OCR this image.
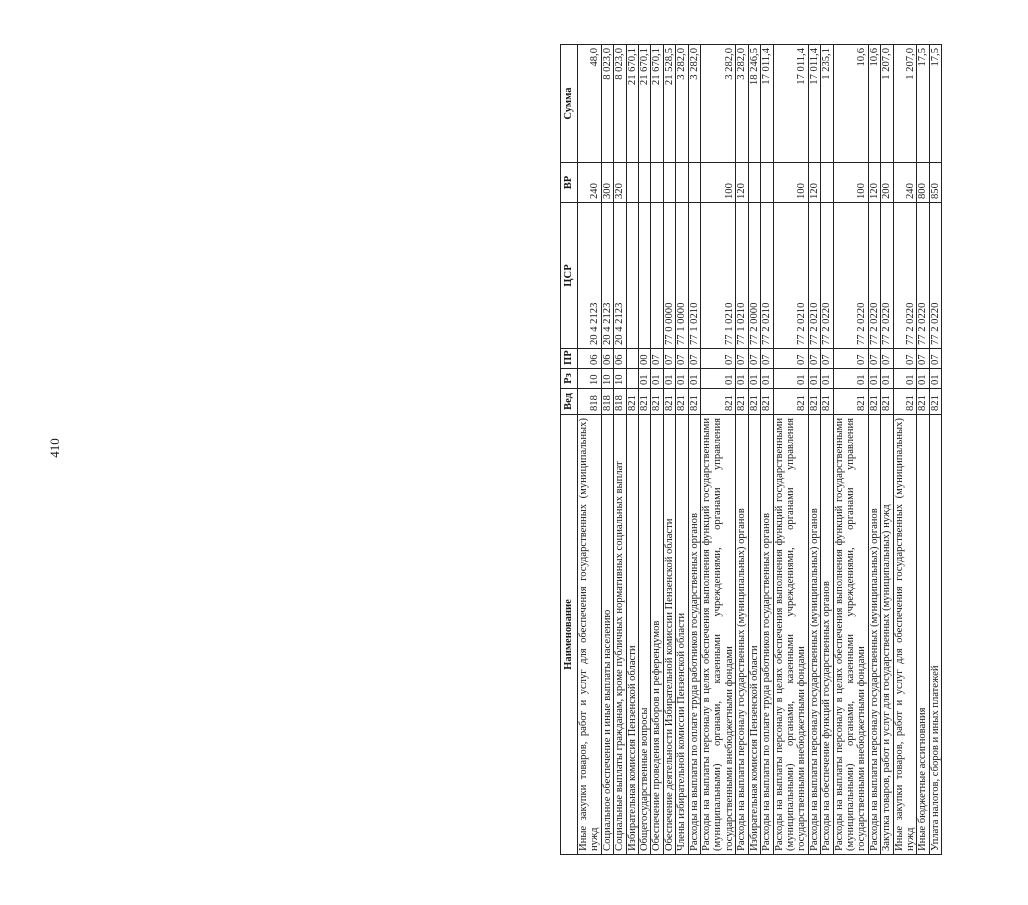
410
Наименование	Вед	Рз	ПР	ЦСР	ВР	Сумма
Иные закупки товаров, работ и услуг для обеспечения государственных (муниципальных) нужд	818	10	06	20 4 2123	240	48,0
Социальное обеспечение и иные выплаты населению	818	10	06	20 4 2123	300	8 023,0
Социальные выплаты гражданам, кроме публичных нормативных социальных выплат	818	10	06	20 4 2123	320	8 023,0
Избирательная комиссия Пензенской области	821					21 670,1
Общегосударственные вопросы	821	01	00			21 670,1
Обеспечение проведения выборов и референдумов	821	01	07			21 670,1
Обеспечение деятельности Избирательной комиссии Пензенской области	821	01	07	77 0 0000		21 528,5
Члены избирательной комиссии Пензенской области	821	01	07	77 1 0000		3 282,0
Расходы на выплаты по оплате труда работников государственных органов	821	01	07	77 1 0210		3 282,0
Расходы на выплаты персоналу в целях обеспечения выполнения функций государственными (муниципальными) органами, казенными учреждениями, органами управления государственными внебюджетными фондами	821	01	07	77 1 0210	100	3 282,0
Расходы на выплаты персоналу государственных (муниципальных) органов	821	01	07	77 1 0210	120	3 282,0
Избирательная комиссия Пензенской области	821	01	07	77 2 0000		18 246,5
Расходы на выплаты по оплате труда работников государственных органов	821	01	07	77 2 0210		17 011,4
Расходы на выплаты персоналу в целях обеспечения выполнения функций государственными (муниципальными) органами, казенными учреждениями, органами управления государственными внебюджетными фондами	821	01	07	77 2 0210	100	17 011,4
Расходы на выплаты персоналу государственных (муниципальных) органов	821	01	07	77 2 0210	120	17 011,4
Расходы на обеспечение функций государственных органов	821	01	07	77 2 0220		1 235,1
Расходы на выплаты персоналу в целях обеспечения выполнения функций государственными (муниципальными) органами, казенными учреждениями, органами управления государственными внебюджетными фондами	821	01	07	77 2 0220	100	10,6
Расходы на выплаты персоналу государственных (муниципальных) органов	821	01	07	77 2 0220	120	10,6
Закупка товаров, работ и услуг для государственных (муниципальных) нужд	821	01	07	77 2 0220	200	1 207,0
Иные закупки товаров, работ и услуг для обеспечения государственных (муниципальных) нужд	821	01	07	77 2 0220	240	1 207,0
Иные бюджетные ассигнования	821	01	07	77 2 0220	800	17,5
Уплата налогов, сборов и иных платежей	821	01	07	77 2 0220	850	17,5
